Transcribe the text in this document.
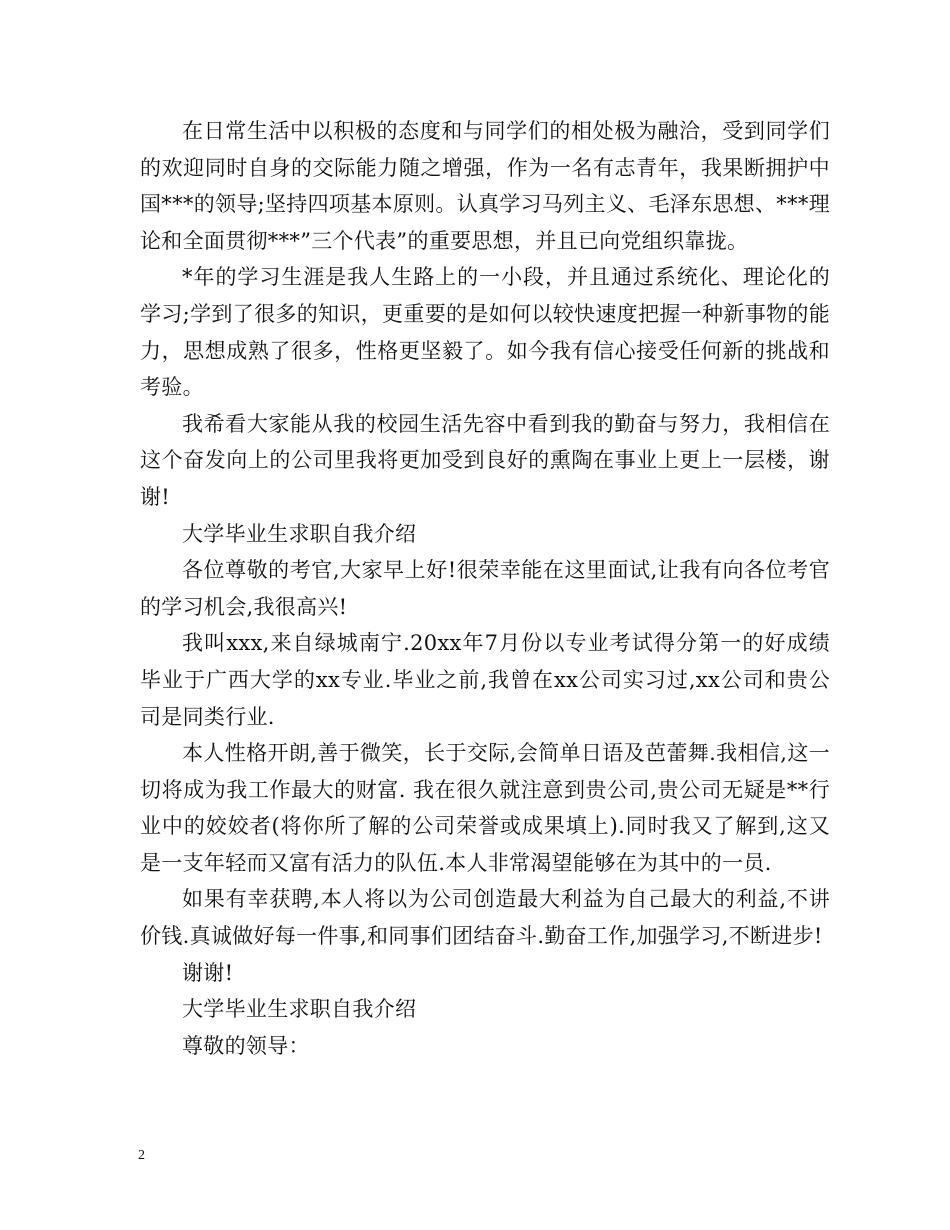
在日常生活中以积极的态度和与同学们的相处极为融洽，受到同学们的欢迎同时自身的交际能力随之增强，作为一名有志青年，我果断拥护中国***的领导;坚持四项基本原则。认真学习马列主义、毛泽东思想、***理论和全面贯彻***”三个代表”的重要思想，并且已向党组织靠拢。

*年的学习生涯是我人生路上的一小段，并且通过系统化、理论化的学习;学到了很多的知识，更重要的是如何以较快速度把握一种新事物的能力，思想成熟了很多，性格更坚毅了。如今我有信心接受任何新的挑战和考验。

我希看大家能从我的校园生活先容中看到我的勤奋与努力，我相信在这个奋发向上的公司里我将更加受到良好的熏陶在事业上更上一层楼，谢谢!

大学毕业生求职自我介绍

各位尊敬的考官,大家早上好!很荣幸能在这里面试,让我有向各位考官的学习机会,我很高兴!

我叫xxx,来自绿城南宁.20xx年7月份以专业考试得分第一的好成绩毕业于广西大学的xx专业.毕业之前,我曾在xx公司实习过,xx公司和贵公司是同类行业.

本人性格开朗,善于微笑，长于交际,会简单日语及芭蕾舞.我相信,这一切将成为我工作最大的财富. 我在很久就注意到贵公司,贵公司无疑是**行业中的姣姣者(将你所了解的公司荣誉或成果填上).同时我又了解到,这又是一支年轻而又富有活力的队伍.本人非常渴望能够在为其中的一员.

如果有幸获聘,本人将以为公司创造最大利益为自己最大的利益,不讲价钱.真诚做好每一件事,和同事们团结奋斗.勤奋工作,加强学习,不断进步!

谢谢!

大学毕业生求职自我介绍

尊敬的领导：

2
